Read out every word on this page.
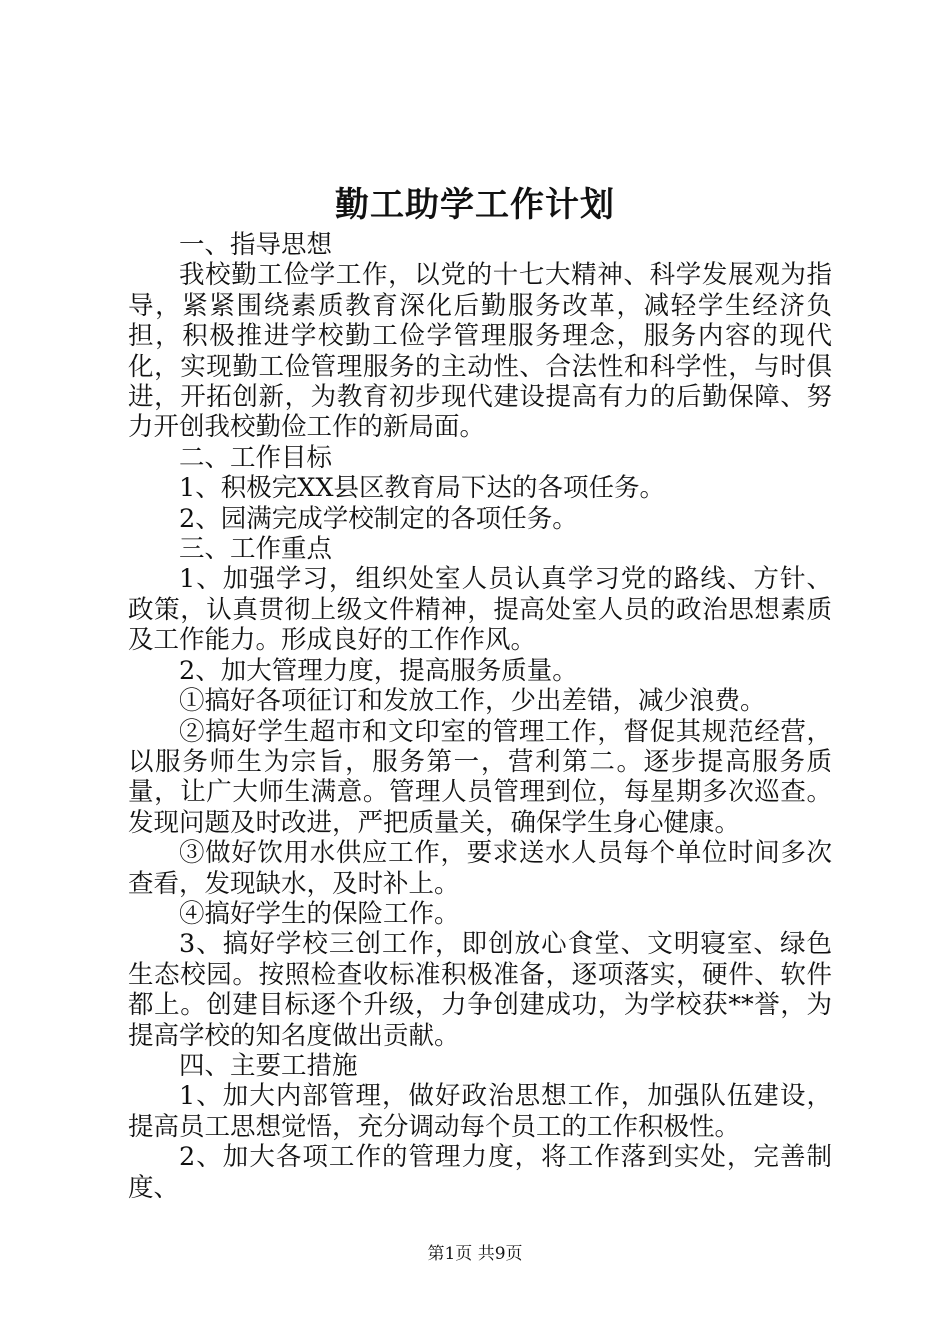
勤工助学工作计划

一、指导思想

我校勤工俭学工作，以党的十七大精神、科学发展观为指导，紧紧围绕素质教育深化后勤服务改革，减轻学生经济负担，积极推进学校勤工俭学管理服务理念，服务内容的现代化，实现勤工俭管理服务的主动性、合法性和科学性，与时俱进，开拓创新，为教育初步现代建设提高有力的后勤保障、努力开创我校勤俭工作的新局面。

二、工作目标

1、积极完XX县区教育局下达的各项任务。

2、园满完成学校制定的各项任务。

三、工作重点

1、加强学习，组织处室人员认真学习党的路线、方针、政策，认真贯彻上级文件精神，提高处室人员的政治思想素质及工作能力。形成良好的工作作风。

2、加大管理力度，提高服务质量。

①搞好各项征订和发放工作，少出差错，减少浪费。

②搞好学生超市和文印室的管理工作，督促其规范经营，以服务师生为宗旨，服务第一，营利第二。逐步提高服务质量，让广大师生满意。管理人员管理到位，每星期多次巡查。发现问题及时改进，严把质量关，确保学生身心健康。

③做好饮用水供应工作，要求送水人员每个单位时间多次查看，发现缺水，及时补上。

④搞好学生的保险工作。

3、搞好学校三创工作，即创放心食堂、文明寝室、绿色生态校园。按照检查收标准积极准备，逐项落实，硬件、软件都上。创建目标逐个升级，力争创建成功，为学校获**誉，为提高学校的知名度做出贡献。

四、主要工措施

1、加大内部管理，做好政治思想工作，加强队伍建设，提高员工思想觉悟，充分调动每个员工的工作积极性。

2、加大各项工作的管理力度，将工作落到实处，完善制度、

第1页 共9页
